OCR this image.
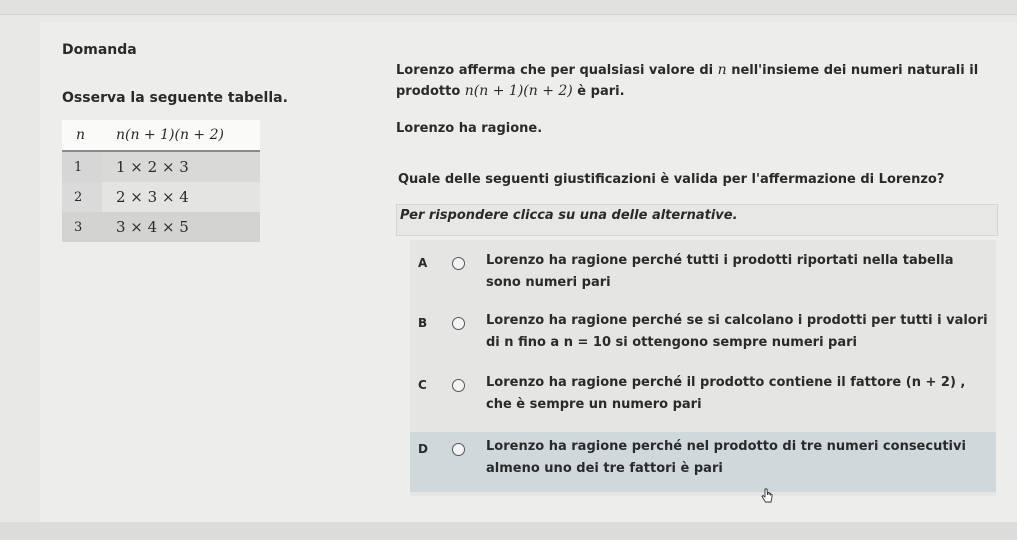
Domanda
Osserva la seguente tabella.
n	n(n + 1)(n + 2)
1	1 × 2 × 3
2	2 × 3 × 4
3	3 × 4 × 5
Lorenzo afferma che per qualsiasi valore di n nell'insieme dei numeri naturali il
prodotto n(n + 1)(n + 2) è pari.
Lorenzo ha ragione.
Quale delle seguenti giustificazioni è valida per l'affermazione di Lorenzo?
Per rispondere clicca su una delle alternative.
A	Lorenzo ha ragione perché tutti i prodotti riportati nella tabella
sono numeri pari
B	Lorenzo ha ragione perché se si calcolano i prodotti per tutti i valori
di n fino a n = 10 si ottengono sempre numeri pari
C	Lorenzo ha ragione perché il prodotto contiene il fattore (n + 2) ,
che è sempre un numero pari
D	Lorenzo ha ragione perché nel prodotto di tre numeri consecutivi
almeno uno dei tre fattori è pari
